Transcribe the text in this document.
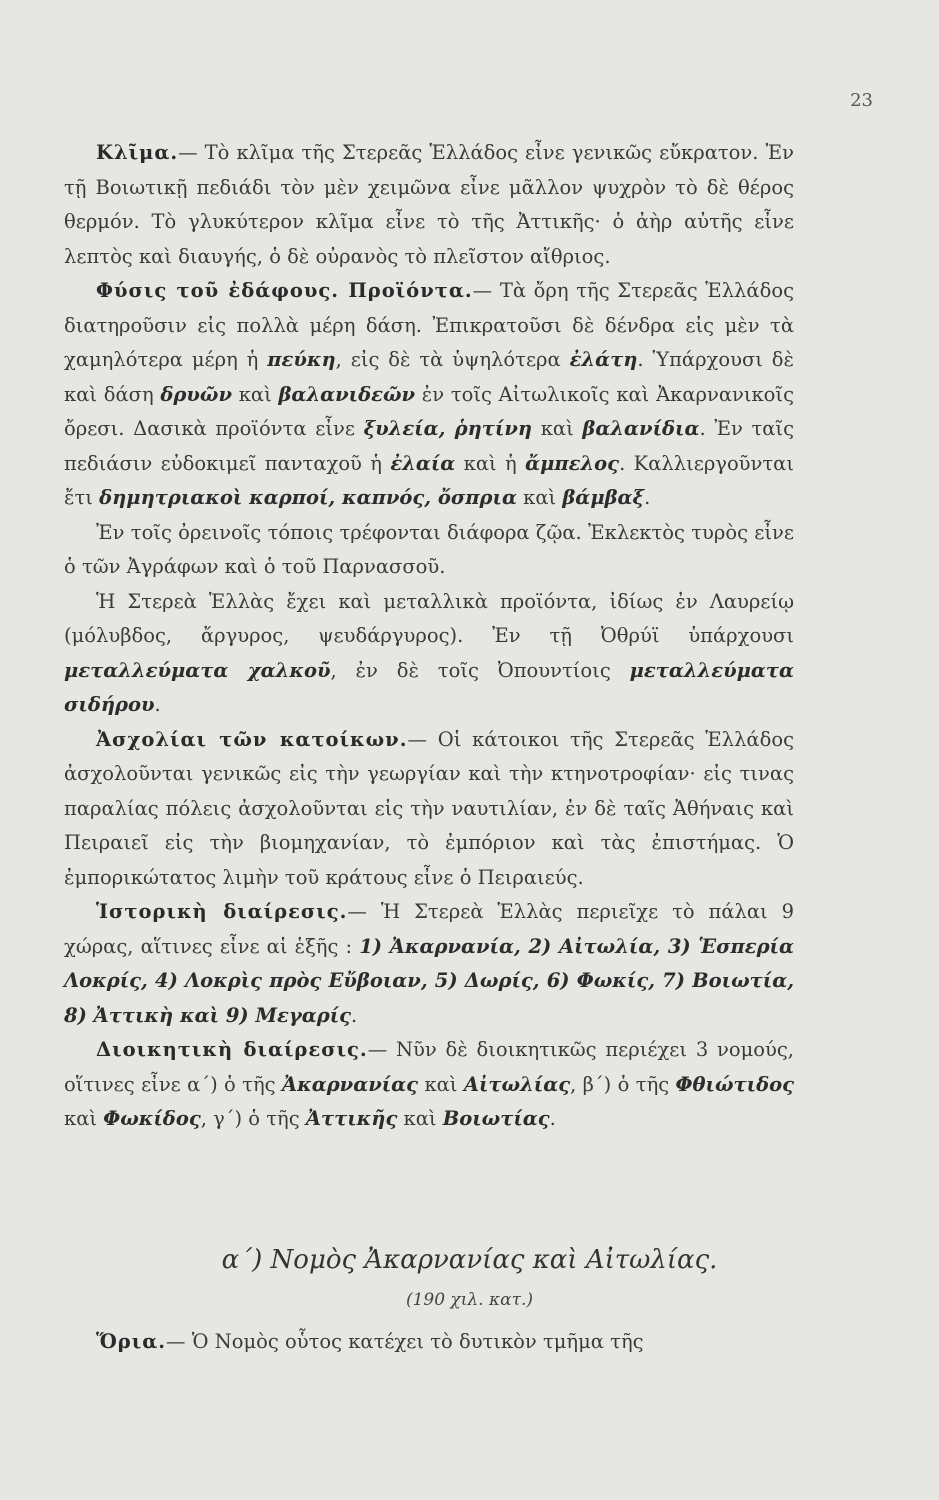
23

Κλῖμα.— Τὸ κλῖμα τῆς Στερεᾶς Ἑλλάδος εἶνε γενικῶς εὔκρατον. Ἐν τῇ Βοιωτικῇ πεδιάδι τὸν μὲν χειμῶνα εἶνε μᾶλλον ψυχρὸν τὸ δὲ θέρος θερμόν. Τὸ γλυκύτερον κλῖμα εἶνε τὸ τῆς Ἀττικῆς· ὁ ἀὴρ αὐτῆς εἶνε λεπτὸς καὶ διαυγής, ὁ δὲ οὐρανὸς τὸ πλεῖστον αἴθριος.

Φύσις τοῦ ἐδάφους. Προϊόντα.— Τὰ ὄρη τῆς Στερεᾶς Ἑλλάδος διατηροῦσιν εἰς πολλὰ μέρη δάση. Ἐπικρατοῦσι δὲ δένδρα εἰς μὲν τὰ χαμηλότερα μέρη ἡ πεύκη, εἰς δὲ τὰ ὑψηλότερα ἐλάτη. Ὑπάρχουσι δὲ καὶ δάση δρυῶν καὶ βαλανιδεῶν ἐν τοῖς Αἰτωλικοῖς καὶ Ἀκαρνανικοῖς ὄρεσι. Δασικὰ προϊόντα εἶνε ξυλεία, ῥητίνη καὶ βαλανίδια. Ἐν ταῖς πεδιάσιν εὐδοκιμεῖ πανταχοῦ ἡ ἐλαία καὶ ἡ ἄμπελος. Καλλιεργοῦνται ἔτι δημητριακοὶ καρποί, καπνός, ὄσπρια καὶ βάμβαξ.

Ἐν τοῖς ὀρεινοῖς τόποις τρέφονται διάφορα ζῷα. Ἐκλεκτὸς τυρὸς εἶνε ὁ τῶν Ἀγράφων καὶ ὁ τοῦ Παρνασσοῦ.

Ἡ Στερεὰ Ἑλλὰς ἔχει καὶ μεταλλικὰ προϊόντα, ἰδίως ἐν Λαυρείῳ (μόλυβδος, ἄργυρος, ψευδάργυρος). Ἐν τῇ Ὀθρύϊ ὑπάρχουσι μεταλλεύματα χαλκοῦ, ἐν δὲ τοῖς Ὀπουντίοις μεταλλεύματα σιδήρου.

Ἀσχολίαι τῶν κατοίκων.— Οἱ κάτοικοι τῆς Στερεᾶς Ἑλλάδος ἀσχολοῦνται γενικῶς εἰς τὴν γεωργίαν καὶ τὴν κτηνοτροφίαν· εἰς τινας παραλίας πόλεις ἀσχολοῦνται εἰς τὴν ναυτιλίαν, ἐν δὲ ταῖς Ἀθήναις καὶ Πειραιεῖ εἰς τὴν βιομηχανίαν, τὸ ἐμπόριον καὶ τὰς ἐπιστήμας. Ὁ ἐμπορικώτατος λιμὴν τοῦ κράτους εἶνε ὁ Πειραιεύς.

Ἱστορικὴ διαίρεσις.— Ἡ Στερεὰ Ἑλλὰς περιεῖχε τὸ πάλαι 9 χώρας, αἵτινες εἶνε αἱ ἑξῆς : 1) Ἀκαρνανία, 2) Αἰτωλία, 3) Ἑσπερία Λοκρίς, 4) Λοκρὶς πρὸς Εὔβοιαν, 5) Δωρίς, 6) Φωκίς, 7) Βοιωτία, 8) Ἀττικὴ καὶ 9) Μεγαρίς.

Διοικητικὴ διαίρεσις.— Νῦν δὲ διοικητικῶς περιέχει 3 νομούς, οἵτινες εἶνε α΄) ὁ τῆς Ἀκαρνανίας καὶ Αἰτωλίας, β΄) ὁ τῆς Φθιώτιδος καὶ Φωκίδος, γ΄) ὁ τῆς Ἀττικῆς καὶ Βοιωτίας.

α΄) Νομὸς Ἀκαρνανίας καὶ Αἰτωλίας.
(190 χιλ. κατ.)

Ὅρια.— Ὁ Νομὸς οὗτος κατέχει τὸ δυτικὸν τμῆμα τῆς
